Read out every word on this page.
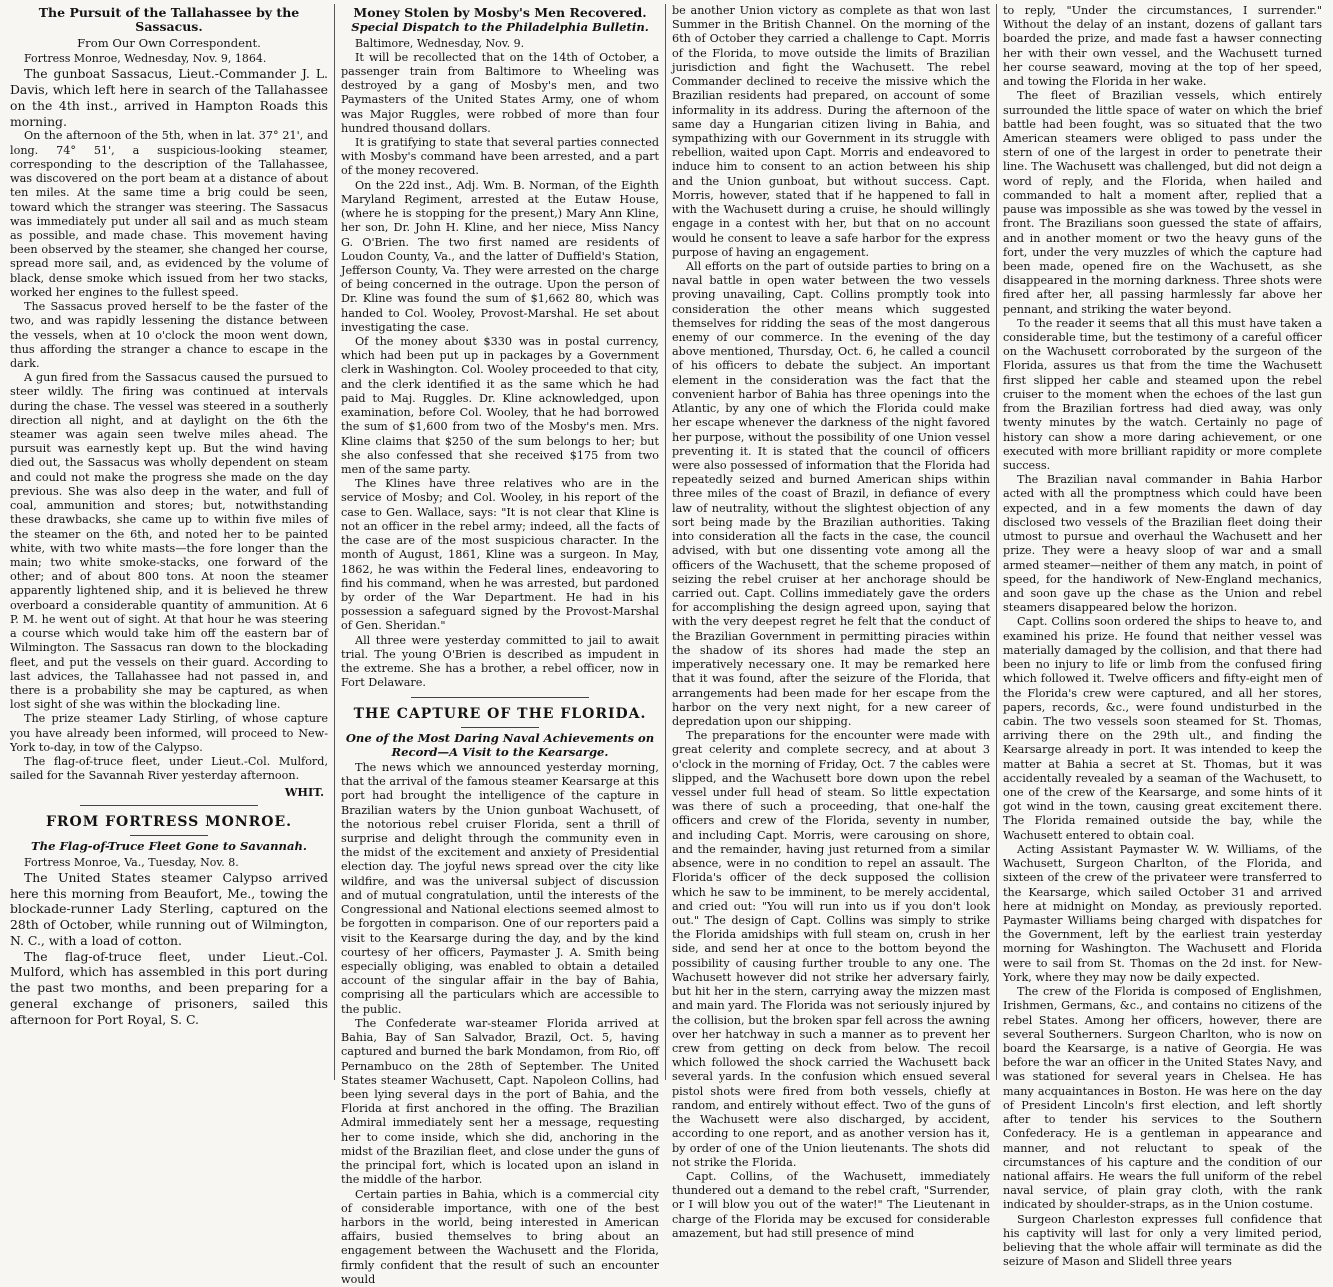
The Pursuit of the Tallahassee by the Sassacus.
From Our Own Correspondent.
Fortress Monroe, Wednesday, Nov. 9, 1864.

The gunboat Sassacus, Lieut.-Commander J. L. Davis, which left here in search of the Tallahassee on the 4th inst., arrived in Hampton Roads this morning.

On the afternoon of the 5th, when in lat. 37° 21', and long. 74° 51', a suspicious-looking steamer, corresponding to the description of the Tallahassee, was discovered on the port beam at a distance of about ten miles. At the same time a brig could be seen, toward which the stranger was steering. The Sassacus was immediately put under all sail and as much steam as possible, and made chase. This movement having been observed by the steamer, she changed her course, spread more sail, and, as evidenced by the volume of black, dense smoke which issued from her two stacks, worked her engines to the fullest speed.

The Sassacus proved herself to be the faster of the two, and was rapidly lessening the distance between the vessels, when at 10 o'clock the moon went down, thus affording the stranger a chance to escape in the dark.

A gun fired from the Sassacus caused the pursued to steer wildly. The firing was continued at intervals during the chase. The vessel was steered in a southerly direction all night, and at daylight on the 6th the steamer was again seen twelve miles ahead. The pursuit was earnestly kept up. But the wind having died out, the Sassacus was wholly dependent on steam and could not make the progress she made on the day previous. She was also deep in the water, and full of coal, ammunition and stores; but, notwithstanding these drawbacks, she came up to within five miles of the steamer on the 6th, and noted her to be painted white, with two white masts—the fore longer than the main; two white smoke-stacks, one forward of the other; and of about 800 tons. At noon the steamer apparently lightened ship, and it is believed he threw overboard a considerable quantity of ammunition. At 6 P. M. he went out of sight. At that hour he was steering a course which would take him off the eastern bar of Wilmington. The Sassacus ran down to the blockading fleet, and put the vessels on their guard. According to last advices, the Tallahassee had not passed in, and there is a probability she may be captured, as when lost sight of she was within the blockading line.

The prize steamer Lady Stirling, of whose capture you have already been informed, will proceed to New-York to-day, in tow of the Calypso.

The flag-of-truce fleet, under Lieut.-Col. Mulford, sailed for the Savannah River yesterday afternoon.

WHIT.
FROM FORTRESS MONROE.
The Flag-of-Truce Fleet Gone to Savannah.
Fortress Monroe, Va., Tuesday, Nov. 8.

The United States steamer Calypso arrived here this morning from Beaufort, Me., towing the blockade-runner Lady Sterling, captured on the 28th of October, while running out of Wilmington, N. C., with a load of cotton.

The flag-of-truce fleet, under Lieut.-Col. Mulford, which has assembled in this port during the past two months, and been preparing for a general exchange of prisoners, sailed this afternoon for Port Royal, S. C.

Money Stolen by Mosby's Men Recovered.
Special Dispatch to the Philadelphia Bulletin.
Baltimore, Wednesday, Nov. 9.

It will be recollected that on the 14th of October, a passenger train from Baltimore to Wheeling was destroyed by a gang of Mosby's men, and two Paymasters of the United States Army, one of whom was Major Ruggles, were robbed of more than four hundred thousand dollars.

It is gratifying to state that several parties connected with Mosby's command have been arrested, and a part of the money recovered.

On the 22d inst., Adj. Wm. B. Norman, of the Eighth Maryland Regiment, arrested at the Eutaw House, (where he is stopping for the present,) Mary Ann Kline, her son, Dr. John H. Kline, and her niece, Miss Nancy G. O'Brien. The two first named are residents of Loudon County, Va., and the latter of Duffield's Station, Jefferson County, Va. They were arrested on the charge of being concerned in the outrage. Upon the person of Dr. Kline was found the sum of $1,662 80, which was handed to Col. Wooley, Provost-Marshal. He set about investigating the case.

Of the money about $330 was in postal currency, which had been put up in packages by a Government clerk in Washington. Col. Wooley proceeded to that city, and the clerk identified it as the same which he had paid to Maj. Ruggles. Dr. Kline acknowledged, upon examination, before Col. Wooley, that he had borrowed the sum of $1,600 from two of the Mosby's men. Mrs. Kline claims that $250 of the sum belongs to her; but she also confessed that she received $175 from two men of the same party.

The Klines have three relatives who are in the service of Mosby; and Col. Wooley, in his report of the case to Gen. Wallace, says: "It is not clear that Kline is not an officer in the rebel army; indeed, all the facts of the case are of the most suspicious character. In the month of August, 1861, Kline was a surgeon. In May, 1862, he was within the Federal lines, endeavoring to find his command, when he was arrested, but pardoned by order of the War Department. He had in his possession a safeguard signed by the Provost-Marshal of Gen. Sheridan."

All three were yesterday committed to jail to await trial. The young O'Brien is described as impudent in the extreme. She has a brother, a rebel officer, now in Fort Delaware.

THE CAPTURE OF THE FLORIDA.
One of the Most Daring Naval Achievements on Record—A Visit to the Kearsarge.

The news which we announced yesterday morning, that the arrival of the famous steamer Kearsarge at this port had brought the intelligence of the capture in Brazilian waters by the Union gunboat Wachusett, of the notorious rebel cruiser Florida, sent a thrill of surprise and delight through the community even in the midst of the excitement and anxiety of Presidential election day. The joyful news spread over the city like wildfire, and was the universal subject of discussion and of mutual congratulation, until the interests of the Congressional and National elections seemed almost to be forgotten in comparison. One of our reporters paid a visit to the Kearsarge during the day, and by the kind courtesy of her officers, Paymaster J. A. Smith being especially obliging, was enabled to obtain a detailed account of the singular affair in the bay of Bahia, comprising all the particulars which are accessible to the public.

The Confederate war-steamer Florida arrived at Bahia, Bay of San Salvador, Brazil, Oct. 5, having captured and burned the bark Mondamon, from Rio, off Pernambuco on the 28th of September. The United States steamer Wachusett, Capt. Napoleon Collins, had been lying several days in the port of Bahia, and the Florida at first anchored in the offing. The Brazilian Admiral immediately sent her a message, requesting her to come inside, which she did, anchoring in the midst of the Brazilian fleet, and close under the guns of the principal fort, which is located upon an island in the middle of the harbor.

Certain parties in Bahia, which is a commercial city of considerable importance, with one of the best harbors in the world, being interested in American affairs, busied themselves to bring about an engagement between the Wachusett and the Florida, firmly confident that the result of such an encounter would

be another Union victory as complete as that won last Summer in the British Channel. On the morning of the 6th of October they carried a challenge to Capt. Morris of the Florida, to move outside the limits of Brazilian jurisdiction and fight the Wachusett. The rebel Commander declined to receive the missive which the Brazilian residents had prepared, on account of some informality in its address. During the afternoon of the same day a Hungarian citizen living in Bahia, and sympathizing with our Government in its struggle with rebellion, waited upon Capt. Morris and endeavored to induce him to consent to an action between his ship and the Union gunboat, but without success. Capt. Morris, however, stated that if he happened to fall in with the Wachusett during a cruise, he should willingly engage in a contest with her, but that on no account would he consent to leave a safe harbor for the express purpose of having an engagement.

All efforts on the part of outside parties to bring on a naval battle in open water between the two vessels proving unavailing, Capt. Collins promptly took into consideration the other means which suggested themselves for ridding the seas of the most dangerous enemy of our commerce. In the evening of the day above mentioned, Thursday, Oct. 6, he called a council of his officers to debate the subject. An important element in the consideration was the fact that the convenient harbor of Bahia has three openings into the Atlantic, by any one of which the Florida could make her escape whenever the darkness of the night favored her purpose, without the possibility of one Union vessel preventing it. It is stated that the council of officers were also possessed of information that the Florida had repeatedly seized and burned American ships within three miles of the coast of Brazil, in defiance of every law of neutrality, without the slightest objection of any sort being made by the Brazilian authorities. Taking into consideration all the facts in the case, the council advised, with but one dissenting vote among all the officers of the Wachusett, that the scheme proposed of seizing the rebel cruiser at her anchorage should be carried out. Capt. Collins immediately gave the orders for accomplishing the design agreed upon, saying that with the very deepest regret he felt that the conduct of the Brazilian Government in permitting piracies within the shadow of its shores had made the step an imperatively necessary one. It may be remarked here that it was found, after the seizure of the Florida, that arrangements had been made for her escape from the harbor on the very next night, for a new career of depredation upon our shipping.

The preparations for the encounter were made with great celerity and complete secrecy, and at about 3 o'clock in the morning of Friday, Oct. 7 the cables were slipped, and the Wachusett bore down upon the rebel vessel under full head of steam. So little expectation was there of such a proceeding, that one-half the officers and crew of the Florida, seventy in number, and including Capt. Morris, were carousing on shore, and the remainder, having just returned from a similar absence, were in no condition to repel an assault. The Florida's officer of the deck supposed the collision which he saw to be imminent, to be merely accidental, and cried out: "You will run into us if you don't look out." The design of Capt. Collins was simply to strike the Florida amidships with full steam on, crush in her side, and send her at once to the bottom beyond the possibility of causing further trouble to any one. The Wachusett however did not strike her adversary fairly, but hit her in the stern, carrying away the mizzen mast and main yard. The Florida was not seriously injured by the collision, but the broken spar fell across the awning over her hatchway in such a manner as to prevent her crew from getting on deck from below. The recoil which followed the shock carried the Wachusett back several yards. In the confusion which ensued several pistol shots were fired from both vessels, chiefly at random, and entirely without effect. Two of the guns of the Wachusett were also discharged, by accident, according to one report, and as another version has it, by order of one of the Union lieutenants. The shots did not strike the Florida.

Capt. Collins, of the Wachusett, immediately thundered out a demand to the rebel craft, "Surrender, or I will blow you out of the water!" The Lieutenant in charge of the Florida may be excused for considerable amazement, but had still presence of mind

to reply, "Under the circumstances, I surrender." Without the delay of an instant, dozens of gallant tars boarded the prize, and made fast a hawser connecting her with their own vessel, and the Wachusett turned her course seaward, moving at the top of her speed, and towing the Florida in her wake.

The fleet of Brazilian vessels, which entirely surrounded the little space of water on which the brief battle had been fought, was so situated that the two American steamers were obliged to pass under the stern of one of the largest in order to penetrate their line. The Wachusett was challenged, but did not deign a word of reply, and the Florida, when hailed and commanded to halt a moment after, replied that a pause was impossible as she was towed by the vessel in front. The Brazilians soon guessed the state of affairs, and in another moment or two the heavy guns of the fort, under the very muzzles of which the capture had been made, opened fire on the Wachusett, as she disappeared in the morning darkness. Three shots were fired after her, all passing harmlessly far above her pennant, and striking the water beyond.

To the reader it seems that all this must have taken a considerable time, but the testimony of a careful officer on the Wachusett corroborated by the surgeon of the Florida, assures us that from the time the Wachusett first slipped her cable and steamed upon the rebel cruiser to the moment when the echoes of the last gun from the Brazilian fortress had died away, was only twenty minutes by the watch. Certainly no page of history can show a more daring achievement, or one executed with more brilliant rapidity or more complete success.

The Brazilian naval commander in Bahia Harbor acted with all the promptness which could have been expected, and in a few moments the dawn of day disclosed two vessels of the Brazilian fleet doing their utmost to pursue and overhaul the Wachusett and her prize. They were a heavy sloop of war and a small armed steamer—neither of them any match, in point of speed, for the handiwork of New-England mechanics, and soon gave up the chase as the Union and rebel steamers disappeared below the horizon.

Capt. Collins soon ordered the ships to heave to, and examined his prize. He found that neither vessel was materially damaged by the collision, and that there had been no injury to life or limb from the confused firing which followed it. Twelve officers and fifty-eight men of the Florida's crew were captured, and all her stores, papers, records, &c., were found undisturbed in the cabin. The two vessels soon steamed for St. Thomas, arriving there on the 29th ult., and finding the Kearsarge already in port. It was intended to keep the matter at Bahia a secret at St. Thomas, but it was accidentally revealed by a seaman of the Wachusett, to one of the crew of the Kearsarge, and some hints of it got wind in the town, causing great excitement there. The Florida remained outside the bay, while the Wachusett entered to obtain coal.

Acting Assistant Paymaster W. W. Williams, of the Wachusett, Surgeon Charlton, of the Florida, and sixteen of the crew of the privateer were transferred to the Kearsarge, which sailed October 31 and arrived here at midnight on Monday, as previously reported. Paymaster Williams being charged with dispatches for the Government, left by the earliest train yesterday morning for Washington. The Wachusett and Florida were to sail from St. Thomas on the 2d inst. for New-York, where they may now be daily expected.

The crew of the Florida is composed of Englishmen, Irishmen, Germans, &c., and contains no citizens of the rebel States. Among her officers, however, there are several Southerners. Surgeon Charlton, who is now on board the Kearsarge, is a native of Georgia. He was before the war an officer in the United States Navy, and was stationed for several years in Chelsea. He has many acquaintances in Boston. He was here on the day of President Lincoln's first election, and left shortly after to tender his services to the Southern Confederacy. He is a gentleman in appearance and manner, and not reluctant to speak of the circumstances of his capture and the condition of our national affairs. He wears the full uniform of the rebel naval service, of plain gray cloth, with the rank indicated by shoulder-straps, as in the Union costume.

Surgeon Charleston expresses full confidence that his captivity will last for only a very limited period, believing that the whole affair will terminate as did the seizure of Mason and Slidell three years
